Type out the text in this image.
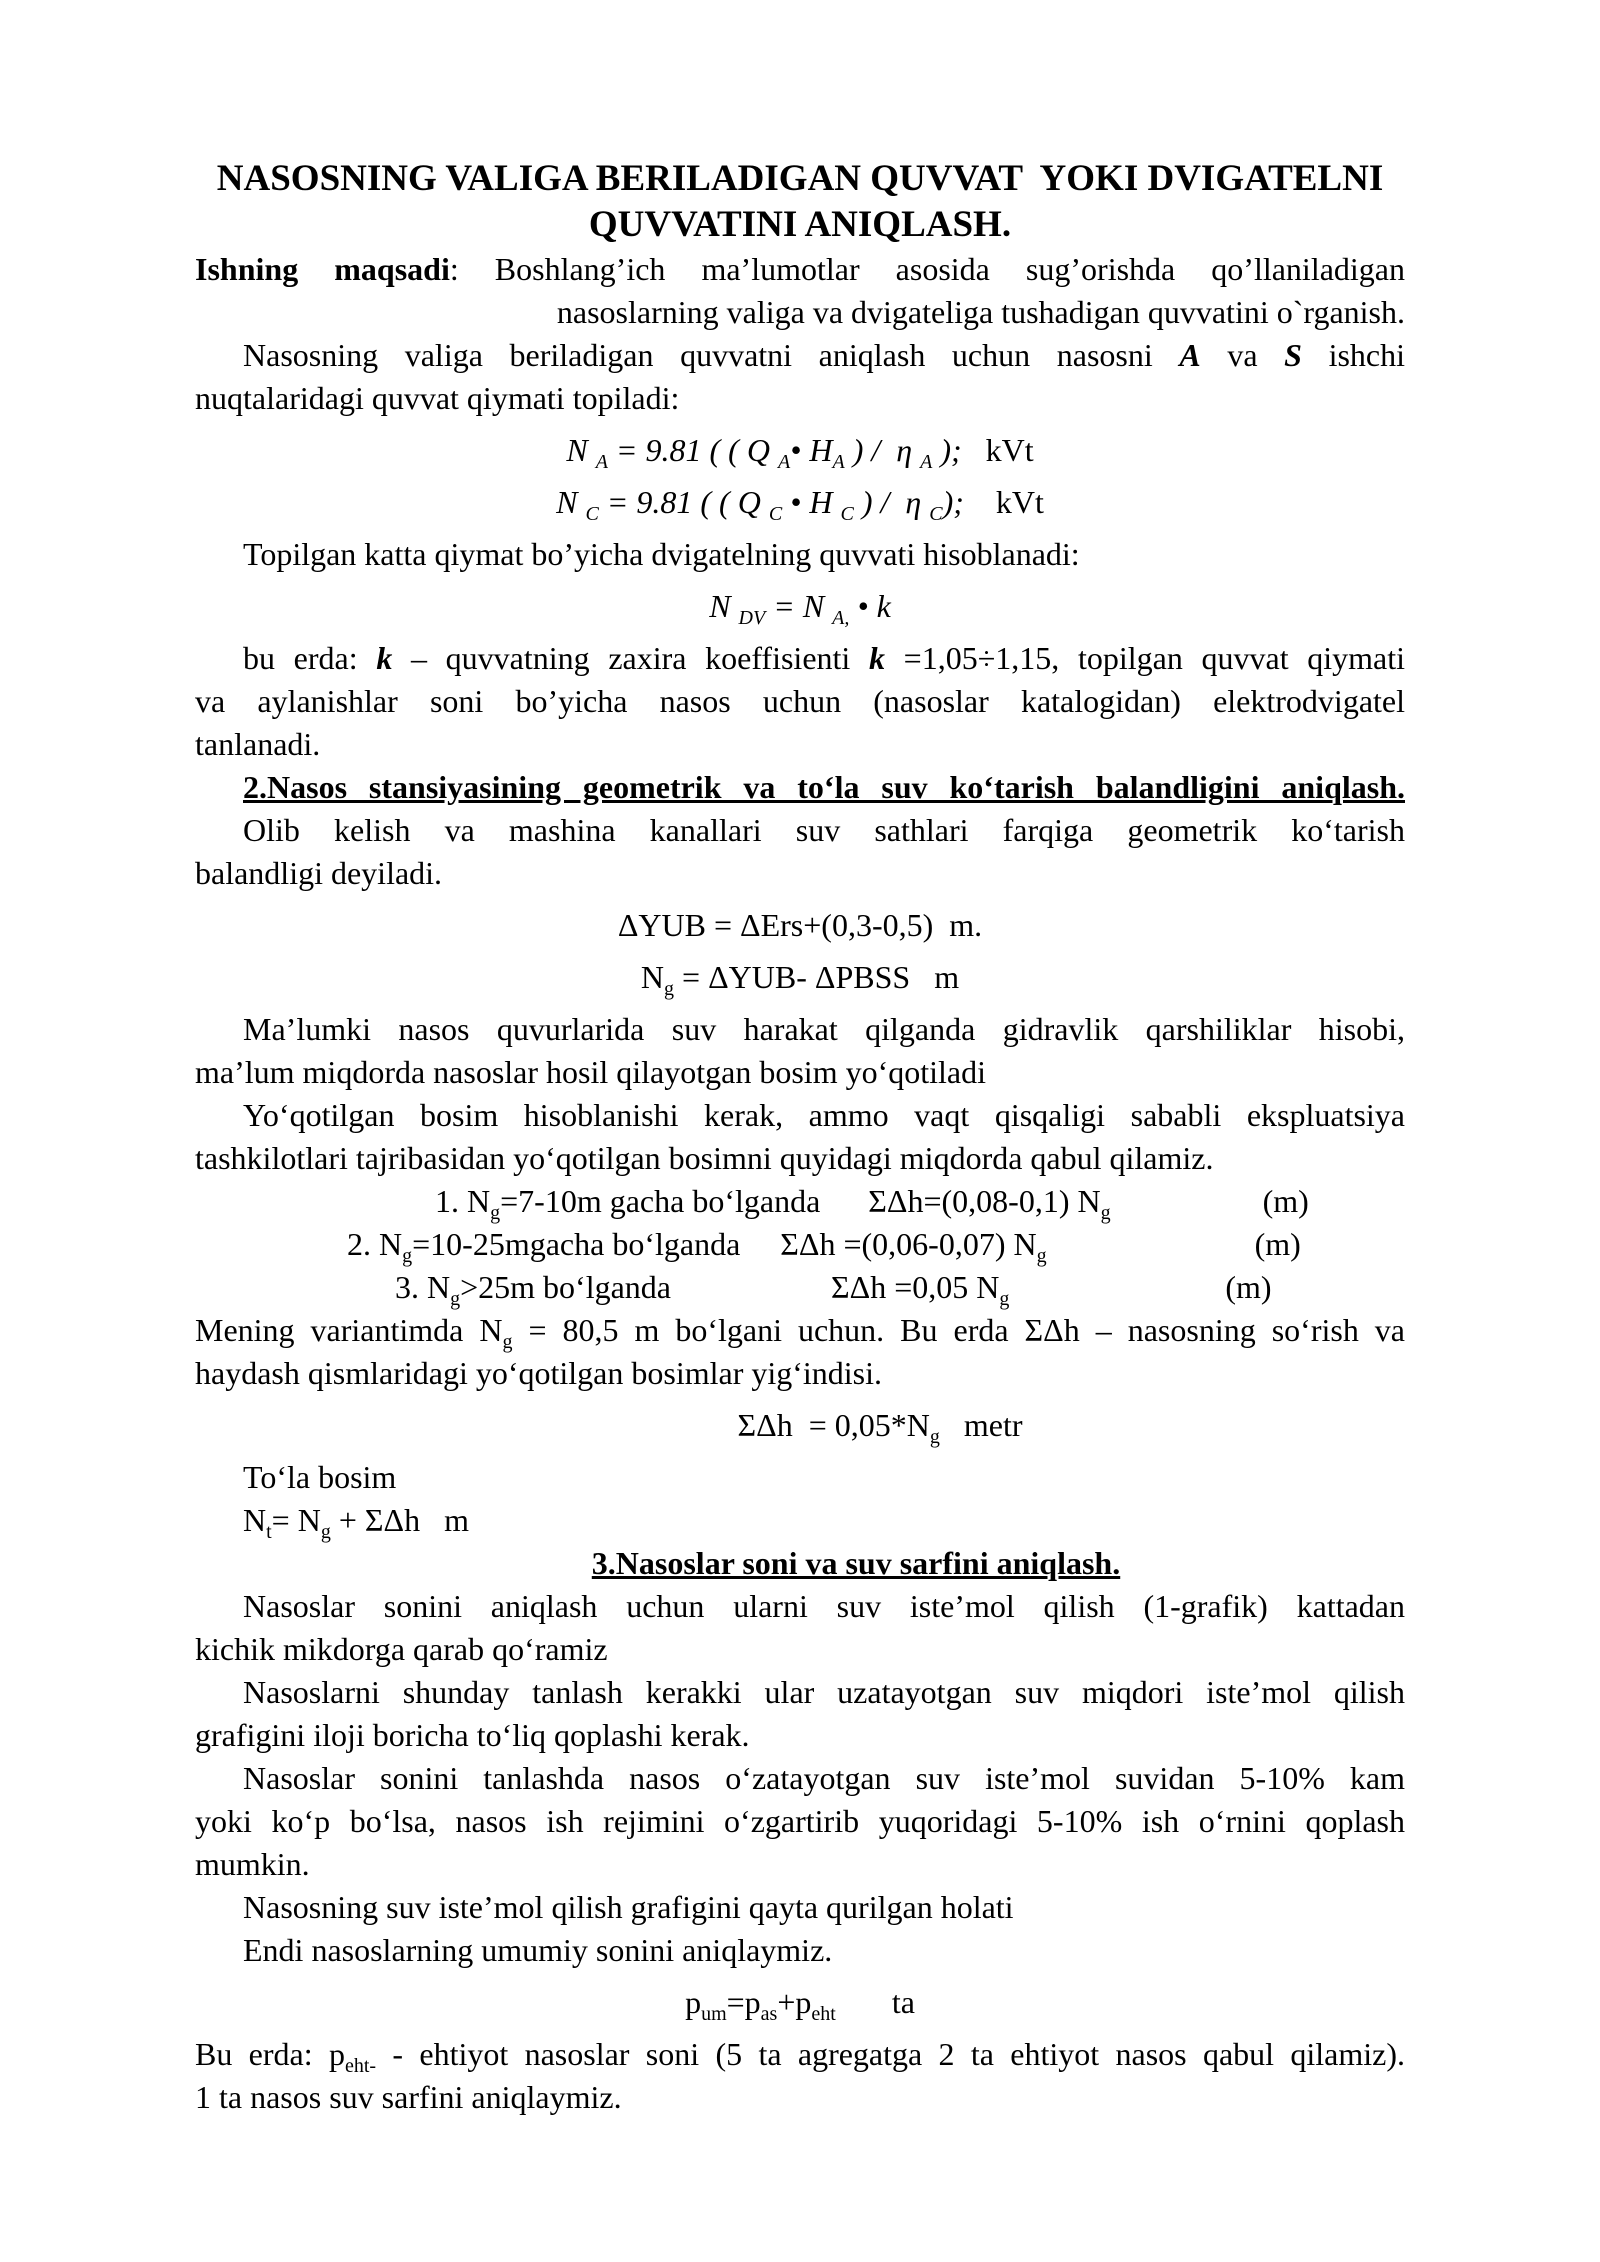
NASOSNING VALIGA BERILADIGAN QUVVAT  YOKI DVIGATELNI
QUVVATINI ANIQLASH.
Ishning maqsadi: Boshlang’ich ma’lumotlar asosida sug’orishda qo’llaniladigan
nasoslarning valiga va dvigateliga tushadigan quvvatini o`rganish.
Nasosning valiga beriladigan quvvatni aniqlash uchun nasosni A va S ishchi
nuqtalaridagi quvvat qiymati topiladi:
N $_A$ = 9.81 ( ( Q $_A$• $H_A$ ) /  η $_A$ );   kVt
N $_C$ = 9.81 ( ( Q $_C$ • H $_C$ ) /  η $_C$);    kVt
Topilgan katta qiymat bo’yicha dvigatelning quvvati hisoblanadi:
N $_{DV}$ = N $_{A,}$ • k
bu erda: k – quvvatning zaxira koeffisienti k =1,05÷1,15, topilgan quvvat qiymati
va aylanishlar soni bo’yicha nasos uchun (nasoslar katalogidan) elektrodvigatel
tanlanadi.
2.Nasos stansiyasining geometrik va toʻla suv koʻtarish balandligini aniqlash.
Olib kelish va mashina kanallari suv sathlari farqiga geometrik koʻtarish
balandligi deyiladi.
ΔYUB = ΔErs+(0,3-0,5)  m.
$N_g = \Delta YUB-$ ΔPBSS   m
Ma’lumki nasos quvurlarida suv harakat qilganda gidravlik qarshiliklar hisobi,
ma’lum miqdorda nasoslar hosil qilayotgan bosim yoʻqotiladi
Yoʻqotilgan bosim hisoblanishi kerak, ammo vaqt qisqaligi sababli ekspluatsiya
tashkilotlari tajribasidan yoʻqotilgan bosimni quyidagi miqdorda qabul qilamiz.
1. $N_g=7-10m$ gacha boʻlganda      ΣΔh=(0,08-0,1) $N_g$                   (m)
2. $N_g=10-25mgacha$ boʻlganda     ΣΔh =(0,06-0,07) $N_g$                          (m)
3. $N_g>25m$ boʻlganda                    ΣΔh =0,05 $N_g$                           (m)
Mening variantimda $N_g = 80,5$ m boʻlgani uchun. Bu erda ΣΔh – nasosning soʻrish va
haydash qismlaridagi yoʻqotilgan bosimlar yigʻindisi.
$\Sigma\Delta h = 0,05*N_g$   metr
Toʻla bosim
$N_t= N_g + \Sigma\Delta h$   m
3.Nasoslar soni va suv sarfini aniqlash.
Nasoslar sonini aniqlash uchun ularni suv iste’mol qilish (1-grafik) kattadan
kichik mikdorga qarab qoʻramiz
Nasoslarni shunday tanlash kerakki ular uzatayotgan suv miqdori iste’mol qilish
grafigini iloji boricha toʻliq qoplashi kerak.
Nasoslar sonini tanlashda nasos oʻzatayotgan suv iste’mol suvidan 5-10% kam
yoki koʻp boʻlsa, nasos ish rejimini oʻzgartirib yuqoridagi 5-10% ish oʻrnini qoplash
mumkin.
Nasosning suv iste’mol qilish grafigini qayta qurilgan holati
Endi nasoslarning umumiy sonini aniqlaymiz.
$p_{um}=p_{as}+p_{eht}$       ta
Bu erda: $p_{eht-}$ - ehtiyot nasoslar soni (5 ta agregatga 2 ta ehtiyot nasos qabul qilamiz).
1 ta nasos suv sarfini aniqlaymiz.
